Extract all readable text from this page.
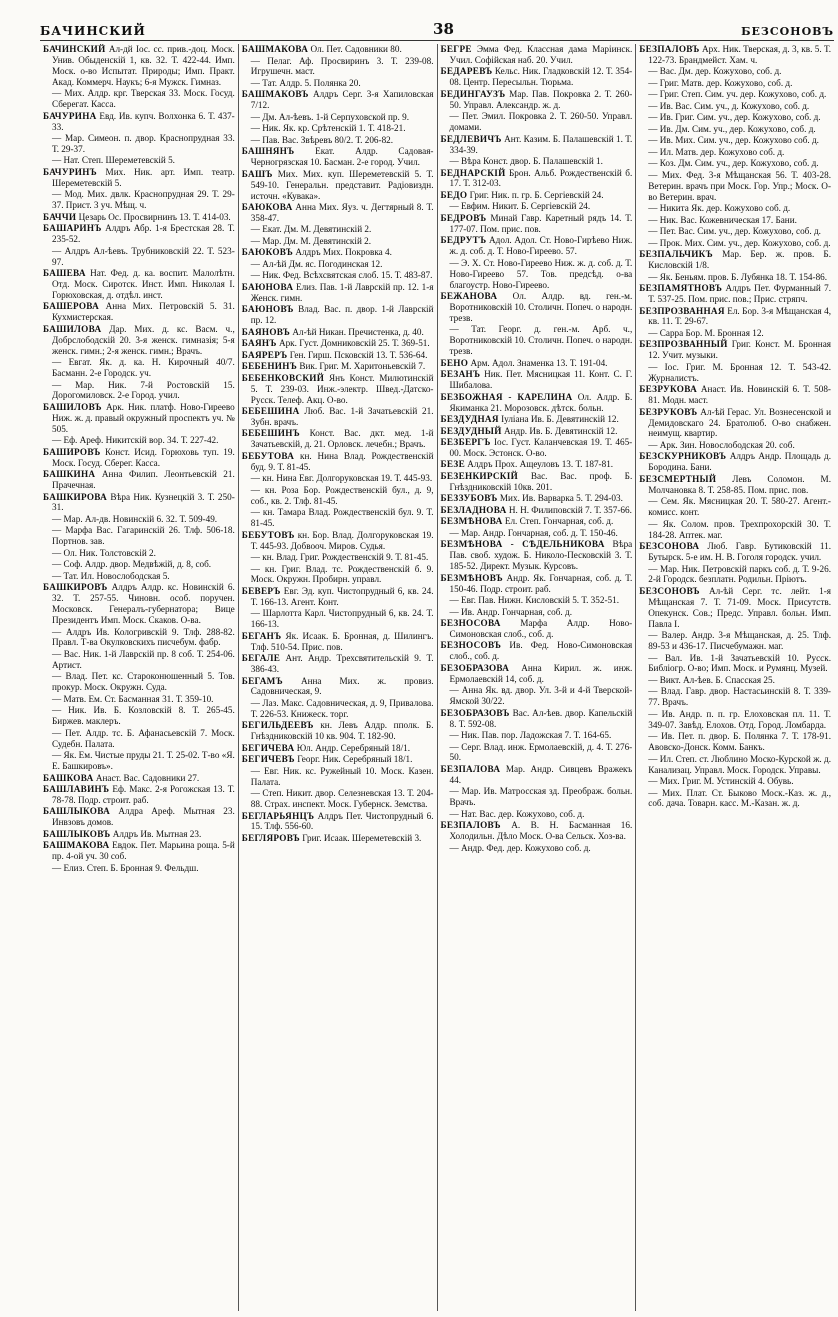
БАЧИНСКИЙ	38	БЕЗСОНОВЪ
БАЧИНСКИЙ Ал-дй Іос. сс. прив.-доц. Моск. Унив. Обыденскій 1, кв. 32. Т. 422-44. Имп. Моск. о-во Испытат. Природы; Имп. Практ. Акад. Коммерч. Наукъ; 6-я Мужск. Гимназ.
— Мих. Алдр. крг. Тверская 33. Моск. Госуд. Сберегат. Касса.
БАЧУРИНА Евд. Ив. купч. Волхонка 6. Т. 437-33.
— Мар. Симеон. п. двор. Краснопрудная 33. Т. 29-37.
— Нат. Степ. Шереметевскій 5.
БАЧУРИНЪ Мих. Ник. арт. Имп. театр. Шереметевскій 5.
— Мод. Мих. двлк. Краснопрудная 29. Т. 29-37. Прист. 3 уч. Мѣщ. ч.
БАЧЧИ Цезарь Ос. Просвирнинъ 13. Т. 414-03.
БАШАРИНЪ Алдръ Абр. 1-я Брестская 28. Т. 235-52.
— Алдръ Ал-ѣевъ. Трубниковскій 22. Т. 523-97.
БАШЕВА Нат. Фед. д. ка. воспит. Малолѣтн. Отд. Моск. Сиротск. Инст. Имп. Николая I. Горюховская, д. отдѣл. инст.
БАШЕРОВА Анна Мих. Петровскій 5. 31. Кухмистерская.
БАШИЛОВА Дар. Мих. д. кс. Васм. ч., Добрслободскій 20. 3-я женск. гимназія; 5-я женск. гимн.; 2-я женск. гимн.; Врачъ.
— Евгат. Як. д. ка. Н. Кирочный 40/7. Басманн. 2-е Городск. уч.
— Мар. Ник. 7-й Ростовскій 15. Дорогомиловск. 2-е Город. учил.
БАШИЛОВЪ Арк. Ник. платф. Ново-Гиреево Ниж. ж. д. правый окружный проспектъ уч. № 505.
— Еф. Ареф. Никитскій вор. 34. Т. 227-42.
БАШИРОВЪ Конст. Исид. Горюховь туп. 19. Моск. Госуд. Сберег. Касса.
БАШКИНА Анна Филип. Леонтьевскій 21. Прачечная.
БАШКИРОВА Вѣра Ник. Кузнецкій 3. Т. 250-31.
— Мар. Ал-дв. Новинскій 6. 32. Т. 509-49.
— Марфа Вас. Гагаринскій 26. Тлф. 506-18. Портнов. зав.
— Ол. Ник. Толстовскій 2.
— Соф. Алдр. двор. Медвѣжій, д. 8, соб.
— Тат. Ил. Новослободская 5.
БАШКИРОВЪ Алдръ Алдр. кс. Новинскій 6. 32. Т. 257-55. Чиновн. особ. поручен. Московск. Генералъ-губернатора; Вице Президентъ Имп. Моск. Скаков. О-ва.
— Алдръ Ив. Кологривскій 9. Тлф. 288-82. Правл. Т-ва Окулковскихъ писчебум. фабр.
— Вас. Ник. 1-й Лаврскій пр. 8 соб. Т. 254-06. Артист.
— Влад. Пет. кс. Староконюшенный 5. Тов. прокур. Моск. Окружн. Суда.
— Матв. Ем. Ст. Басманная 31. Т. 359-10.
— Ник. Ив. Б. Козловскій 8. Т. 265-45. Биржев. маклеръ.
— Пет. Алдр. тс. Б. Афанасьевскій 7. Моск. Судебн. Палата.
— Як. Ем. Чистые пруды 21. Т. 25-02. Т-во «Я. Е. Башкировъ».
БАШКОВА Анаст. Вас. Садовники 27.
БАШЛАВИНЪ Еф. Макс. 2-я Рогожская 13. Т. 78-78. Подр. строит. раб.
БАШЛЫКОВА Алдра Ареф. Мытная 23. Инвзовъ домов.
БАШЛЫКОВЪ Алдръ Ив. Мытная 23.
БАШМАКОВА Евдок. Пет. Марьина роща. 5-й пр. 4-ой уч. 30 соб.
— Елиз. Степ. Б. Бронная 9. Фельдш.
БАШМАКОВА Ол. Пет. Садовники 80.
— Пелаг. Аф. Просвиринъ 3. Т. 239-08. Игрушечн. маст.
— Тат. Алдр. 5. Полянка 20.
БАШМАКОВЪ Алдръ Серг. 3-я Хапиловская 7/12.
— Дм. Ал-ѣевъ. 1-й Серпуховской пр. 9.
— Ник. Як. кр. Срѣтенскій 1. Т. 418-21.
— Пав. Вас. Звѣревъ 80/2. Т. 206-82.
БАШНЯНЪ Екат. Алдр. Садовая-Черногрязская 10. Басман. 2-е город. Учил.
БАШЪ Мих. Мих. куп. Шереметевскій 5. Т. 549-10. Генеральн. представит. Радiовиздн. источн. «Кувака».
БАЮКОВА Анна Мих. Яуз. ч. Дегтярный 8. Т. 358-47.
— Екат. Дм. М. Девятинскій 2.
— Мар. Дм. М. Девятинскій 2.
БАЮКОВЪ Алдръ Мих. Покровка 4.
— Ал-ѣй Дм. яс. Погодинская 12.
— Ник. Фед. Всѣхсвятская слоб. 15. Т. 483-87.
БАЮНОВА Елиз. Пав. 1-й Лаврскій пр. 12. 1-я Женск. гимн.
БАЮНОВЪ Влад. Вас. п. двор. 1-й Лаврскій пр. 12.
БАЯНОВЪ Ал-ѣй Никан. Пречистенка, д. 40.
БАЯНЪ Арк. Густ. Домниковскій 25. Т. 369-51.
БАЯРЕРЪ Ген. Гирш. Псковскій 13. Т. 536-64.
БЕБЕНИНЪ Вик. Григ. М. Харитоньевскій 7.
БЕБЕНКОВСКИЙ Янъ Конст. Милютинскій 5. Т. 239-03. Инж.-электр. Швед.-Датско-Русск. Телеф. Акц. О-во.
БЕБЕШИНА Люб. Вас. 1-й Зачатьевскій 21. Зубн. врачъ.
БЕБЕШИНЪ Конст. Вас. дкт. мед. 1-й Зачатьевскій, д. 21. Орловск. лечебн.; Врачъ.
БЕБУТОВА кн. Нина Влад. Рождественскій буд. 9. Т. 81-45.
— кн. Нина Евг. Долгоруковская 19. Т. 445-93.
— кн. Роза Бор. Рождественскій бул., д. 9, соб., кв. 2. Тлф. 81-45.
— кн. Тамара Влад. Рождественскій бул. 9. Т. 81-45.
БЕБУТОВЪ кн. Бор. Влад. Долгоруковская 19. Т. 445-93. Добвооч. Миров. Судья.
— кн. Влад. Григ. Рождественскій 9. Т. 81-45.
— кн. Григ. Влад. тс. Рождественскій б. 9. Моск. Окружн. Пробирн. управл.
БЕВЕРЪ Евг. Эд. куп. Чистопрудный 6, кв. 24. Т. 166-13. Агент. Конт.
— Шарлотта Карл. Чистопрудный 6, кв. 24. Т. 166-13.
БЕГАНЪ Як. Исаак. Б. Бронная, д. Шилингъ. Тлф. 510-54. Прис. пов.
БЕГАЛЕ Ант. Андр. Трехсвятительскій 9. Т. 386-43.
БЕГАМЪ Анна Мих. ж. провиз. Садовническая, 9.
— Лаз. Макс. Садовническая, д. 9, Привалова. Т. 226-53. Книжеск. торг.
БЕГИЛЬДЕЕВЪ кн. Левъ Алдр. пполк. Б. Гнѣздниковскій 10 кв. 904. Т. 182-90.
БЕГИЧЕВА Юл. Андр. Серебряный 18/1.
БЕГИЧЕВЪ Георг. Ник. Серебряный 18/1.
— Евг. Ник. кс. Ружейный 10. Моск. Казен. Палата.
— Степ. Никит. двор. Селезневская 13. Т. 204-88. Страх. инспект. Моск. Губернск. Земства.
БЕГЛАРЬЯНЦЪ Алдръ Пет. Чистопрудный 6. 15. Тлф. 556-60.
БЕГЛЯРОВЪ Григ. Исаак. Шереметевскій 3.
БЕГРЕ Эмма Фед. Классная дама Маріинск. Учил. Софійская наб. 20. Учил.
БЕДАРЕВЪ Кельс. Ник. Гладковскій 12. Т. 354-08. Центр. Пересыльн. Тюрьма.
БЕДИНГАУЗЪ Мар. Пав. Покровка 2. Т. 260-50. Управл. Александр. ж. д.
— Пет. Эмил. Покровка 2. Т. 260-50. Управл. домами.
БЕДЛЕВИЧЪ Ант. Казим. Б. Палашевскій 1. Т. 334-39.
— Вѣра Конст. двор. Б. Палашевскій 1.
БЕДНАРСКІЙ Брон. Альб. Рождественскій б. 17. Т. 312-03.
БЕДО Григ. Ник. п. гр. Б. Сергіевскій 24.
— Евфим. Никит. Б. Сергіевскій 24.
БЕДРОВЪ Минай Гавр. Каретный рядъ 14. Т. 177-07. Пом. прис. пов.
БЕДРУТЪ Адол. Адол. Ст. Ново-Гирѣево Ниж. ж. д. соб. д. Т. Ново-Гиреево. 57.
— Э. Х. Ст. Ново-Гиреево Ниж. ж. д. соб. д. Т. Ново-Гиреево 57. Тов. предсѣд. о-ва благоустр. Ново-Гиреево.
БЕЖАНОВА Ол. Алдр. вд. ген.-м. Воротниковскій 10. Столичн. Попеч. о народн. трезв.
— Тат. Георг. д. ген.-м. Арб. ч., Воротниковскій 10. Столичн. Попеч. о народн. трезв.
БЕНО Арм. Адол. Знаменка 13. Т. 191-04.
БЕЗАНЪ Ник. Пет. Мясницкая 11. Конт. С. Г. Шибалова.
БЕЗБОЖНАЯ - КАРЕЛИНА Ол. Алдр. Б. Якиманка 21. Морозовск. дѣтск. больн.
БЕЗДУДНАЯ Іуліана Ив. Б. Девятинскій 12.
БЕЗДУДНЫЙ Андр. Ив. Б. Девятинскій 12.
БЕЗБЕРГЪ Іос. Густ. Каланчевская 19. Т. 465-00. Моск. Эстонск. О-во.
БЕЗЕ Алдръ Прох. Ащеуловъ 13. Т. 187-81.
БЕЗЕНКИРСКІЙ Вас. Вас. проф. Б. Гнѣздниковскій 10кв. 201.
БЕЗЗУБОВЪ Мих. Ив. Варварка 5. Т. 294-03.
БЕЗЛАДНОВА Н. Н. Филиповскій 7. Т. 357-66.
БЕЗМѢНОВА Ел. Степ. Гончарная, соб. д.
— Мар. Андр. Гончарная, соб. д. Т. 150-46.
БЕЗМѢНОВА - СѢДЕЛЬНИКОВА Вѣра Пав. своб. худож. Б. Николо-Песковскій 3. Т. 185-52. Директ. Музык. Курсовъ.
БЕЗМѢНОВЪ Андр. Як. Гончарная, соб. д. Т. 150-46. Подр. строит. раб.
— Евг. Пав. Нижн. Кисловскій 5. Т. 352-51.
— Ив. Андр. Гончарная, соб. д.
БЕЗНОСОВА Марфа Алдр. Ново-Симоновская слоб., соб. д.
БЕЗНОСОВЪ Ив. Фед. Ново-Симоновская слоб., соб. д.
БЕЗОБРАЗОВА Анна Кирил. ж. инж. Ермолаевскій 14, соб. д.
— Анна Як. вд. двор. Ул. 3-й и 4-й Тверской-Ямской 30/22.
БЕЗОБРАЗОВЪ Вас. Ал-ѣев. двор. Капельскій 8. Т. 592-08.
— Ник. Пав. пор. Ладожская 7. Т. 164-65.
— Серг. Влад. инж. Ермолаевскій, д. 4. Т. 276-50.
БЕЗПАЛОВА Мар. Андр. Сивцевъ Вражекъ 44.
— Мар. Ив. Матросская зд. Преображ. больн. Врачъ.
— Нат. Вас. дер. Кожухово, соб. д.
БЕЗПАЛОВЪ А. В. Н. Басманная 16. Холодильн. Дѣло Моск. О-ва Сельск. Хоз-ва.
— Андр. Фед. дер. Кожухово соб. д.
БЕЗПАЛОВЪ Арх. Ник. Тверская, д. 3, кв. 5. Т. 122-73. Брандмейст. Хам. ч.
— Вас. Дм. дер. Кожухово, соб. д.
— Григ. Матв. дер. Кожухово, соб. д.
— Григ. Степ. Сим. уч. дер. Кожухово, соб. д.
— Ив. Вас. Сим. уч., д. Кожухово, соб. д.
— Ив. Григ. Сим. уч., дер. Кожухово, соб. д.
— Ив. Дм. Сим. уч., дер. Кожухово, соб. д.
— Ив. Мих. Сим. уч., дер. Кожухово соб. д.
— Ил. Матв. дер. Кожухово соб. д.
— Коз. Дм. Сим. уч., дер. Кожухово, соб. д.
— Мих. Фед. 3-я Мѣщанская 56. Т. 403-28. Ветерин. врачъ при Моск. Гор. Упр.; Моск. О-во Ветерин. врач.
— Никита Як. дер. Кожухово соб. д.
— Ник. Вас. Кожевническая 17. Бани.
— Пет. Вас. Сим. уч., дер. Кожухово, соб. д.
— Прок. Мих. Сим. уч., дер. Кожухово, соб. д.
БЕЗПАЛЬЧИКЪ Мар. Бер. ж. пров. Б. Кисловскій 1/8.
— Як. Беньям. пров. Б. Лубянка 18. Т. 154-86.
БЕЗПАМЯТНОВЪ Алдръ Пет. Фурманный 7. Т. 537-25. Пом. прис. пов.; Прис. стряпч.
БЕЗПРОЗВАННАЯ Ел. Бор. 3-я Мѣщанская 4, кв. 11. Т. 29-67.
— Сарра Бор. М. Бронная 12.
БЕЗПРОЗВАННЫЙ Григ. Конст. М. Бронная 12. Учит. музыки.
— Іос. Григ. М. Бронная 12. Т. 543-42. Журналистъ.
БЕЗРУКОВА Анаст. Ив. Новинскій 6. Т. 508-81. Модн. маст.
БЕЗРУКОВЪ Ал-ѣй Герас. Ул. Вознесенской и Демидовскаго 24. Братолюб. О-во снабжен. неимущ. квартир.
— Арк. Зин. Новослободская 20. соб.
БЕЗСКУРНИКОВЪ Алдръ Андр. Площадь д. Бородина. Бани.
БЕЗСМЕРТНЫЙ Левъ Соломон. М. Молчановка 8. Т. 258-85. Пом. прис. пов.
— Сем. Як. Мясницкая 20. Т. 580-27. Агент.-комисс. конт.
— Як. Солом. пров. Трехпрохорскій 30. Т. 184-28. Аптек. маг.
БЕЗСОНОВА Люб. Гавр. Бутиковскій 11. Бутырск. 5-е им. Н. В. Гоголя городск. учил.
— Мар. Ник. Петровскій паркъ соб. д. Т. 9-26. 2-й Городск. безплатн. Родильн. Пріютъ.
БЕЗСОНОВЪ Ал-ѣй Серг. тс. лейт. 1-я Мѣщанская 7. Т. 71-09. Моск. Присутств. Опекунск. Сов.; Предс. Управл. больн. Имп. Павла I.
— Валер. Андр. 3-я Мѣщанская, д. 25. Тлф. 89-53 и 436-17. Писчебумажн. маг.
— Вал. Ив. 1-й Зачатьевскій 10. Русск. Библіогр. О-во; Имп. Моск. и Румянц. Музей.
— Викт. Ал-ѣев. Б. Спасская 25.
— Влад. Гавр. двор. Настасьинскій 8. Т. 339-77. Врачъ.
— Ив. Андр. п. п. гр. Елоховская пл. 11. Т. 349-07. Завѣд. Елохов. Отд. Город. Ломбарда.
— Ив. Пет. п. двор. Б. Полянка 7. Т. 178-91. Авовско-Донск. Комм. Банкъ.
— Ил. Степ. ст. Люблино Моско-Курской ж. д. Канализац. Управл. Моск. Городск. Управы.
— Мих. Григ. М. Устинскій 4. Обувь.
— Мих. Плат. Ст. Быково Моск.-Каз. ж. д., соб. дача. Товарн. касс. М.-Казан. ж. д.
